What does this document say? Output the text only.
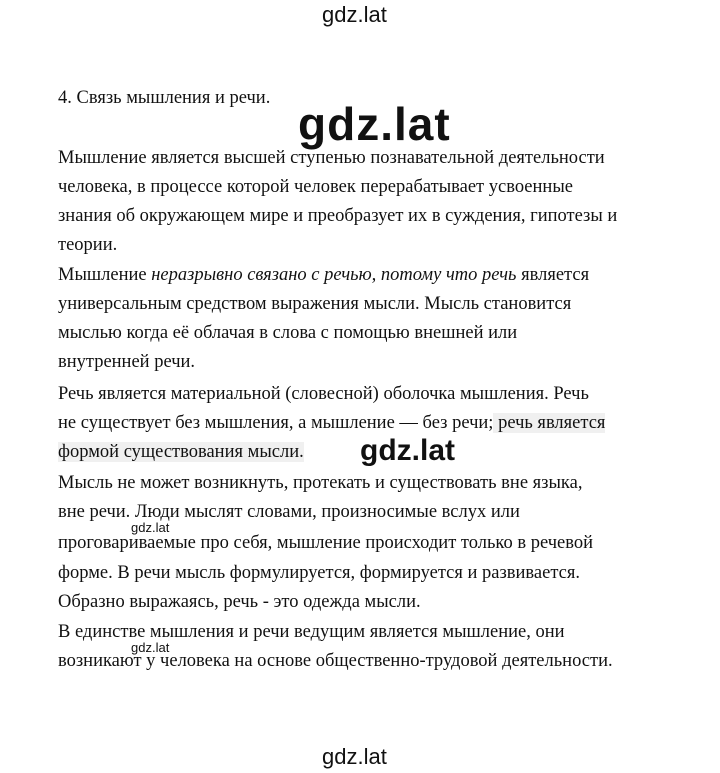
gdz.lat
gdz.lat
gdz.lat
gdz.lat
gdz.lat
gdz.lat
4. Связь мышления и речи.
Мышление является высшей ступенью познавательной деятельности
человека, в процессе которой человек перерабатывает усвоенные
знания об окружающем мире и преобразует их в суждения, гипотезы и
теории.
Мышление неразрывно связано с речью, потому что речь является
универсальным средством выражения мысли. Мысль становится
мыслью когда её облачая в слова с помощью внешней или
внутренней речи.
Речь является материальной (словесной) оболочка мышления. Речь
не существует без мышления, а мышление — без речи; речь является
формой существования мысли.
Мысль не может возникнуть, протекать и существовать вне языка,
вне речи. Люди мыслят словами, произносимые вслух или
проговариваемые про себя, мышление происходит только в речевой
форме. В речи мысль формулируется, формируется и развивается.
Образно выражаясь, речь - это одежда мысли.
В единстве мышления и речи ведущим является мышление, они
возникают у человека на основе общественно-трудовой деятельности.
